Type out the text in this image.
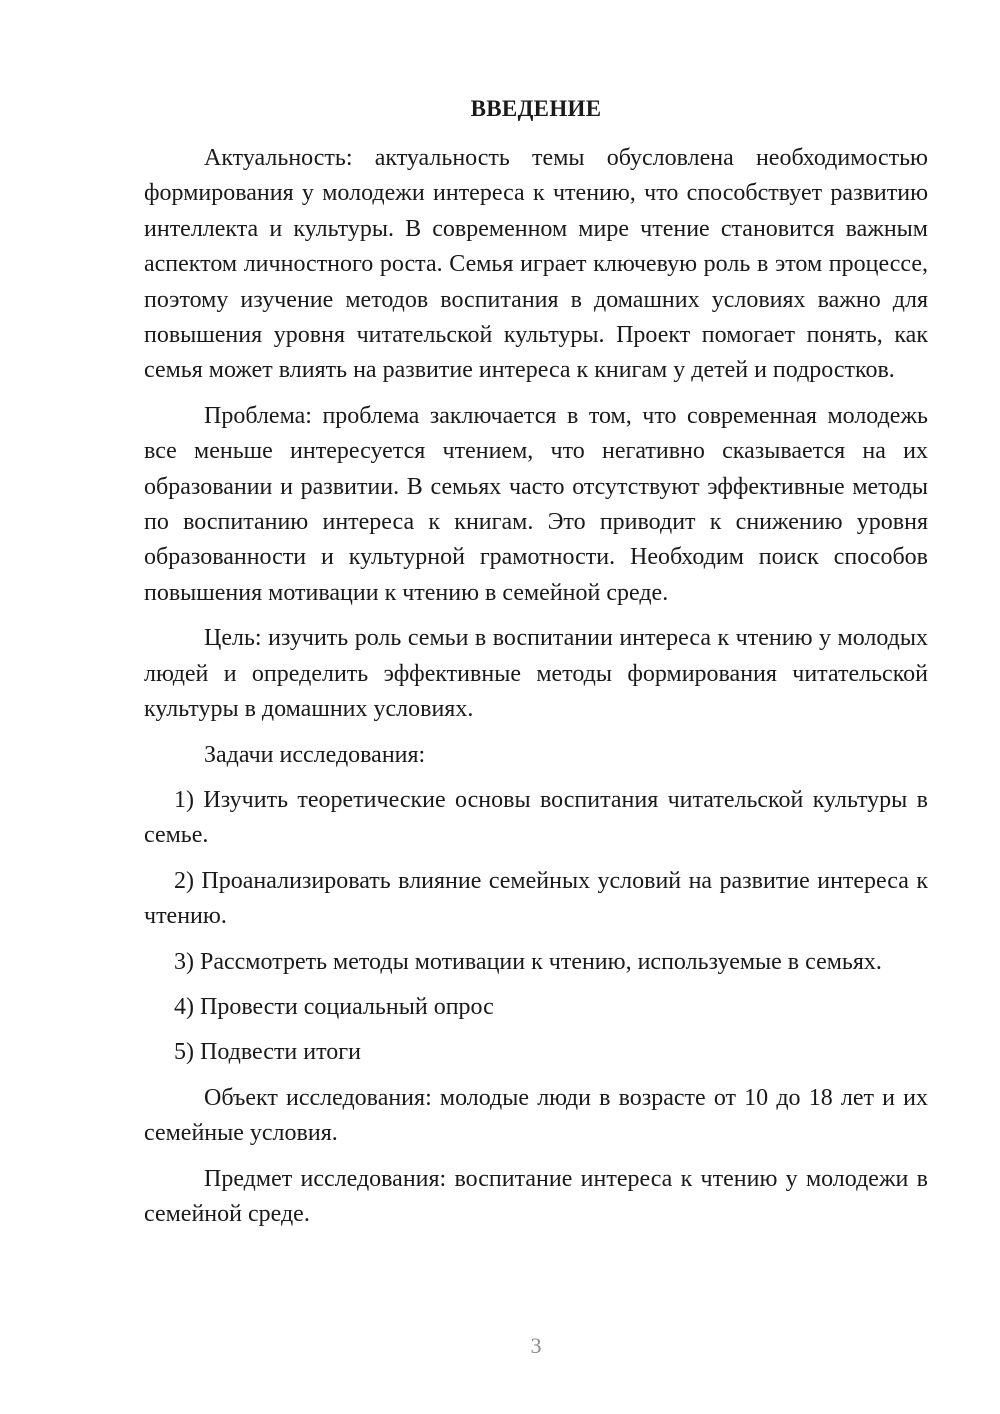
ВВЕДЕНИЕ

Актуальность: актуальность темы обусловлена необходимостью формирования у молодежи интереса к чтению, что способствует развитию интеллекта и культуры. В современном мире чтение становится важным аспектом личностного роста. Семья играет ключевую роль в этом процессе, поэтому изучение методов воспитания в домашних условиях важно для повышения уровня читательской культуры. Проект помогает понять, как семья может влиять на развитие интереса к книгам у детей и подростков.

Проблема: проблема заключается в том, что современная молодежь все меньше интересуется чтением, что негативно сказывается на их образовании и развитии. В семьях часто отсутствуют эффективные методы по воспитанию интереса к книгам. Это приводит к снижению уровня образованности и культурной грамотности. Необходим поиск способов повышения мотивации к чтению в семейной среде.

Цель: изучить роль семьи в воспитании интереса к чтению у молодых людей и определить эффективные методы формирования читательской культуры в домашних условиях.

Задачи исследования:

1) Изучить теоретические основы воспитания читательской культуры в семье.

2) Проанализировать влияние семейных условий на развитие интереса к чтению.

3) Рассмотреть методы мотивации к чтению, используемые в семьях.

4) Провести социальный опрос

5) Подвести итоги

Объект исследования: молодые люди в возрасте от 10 до 18 лет и их семейные условия.

Предмет исследования: воспитание интереса к чтению у молодежи в семейной среде.

3
